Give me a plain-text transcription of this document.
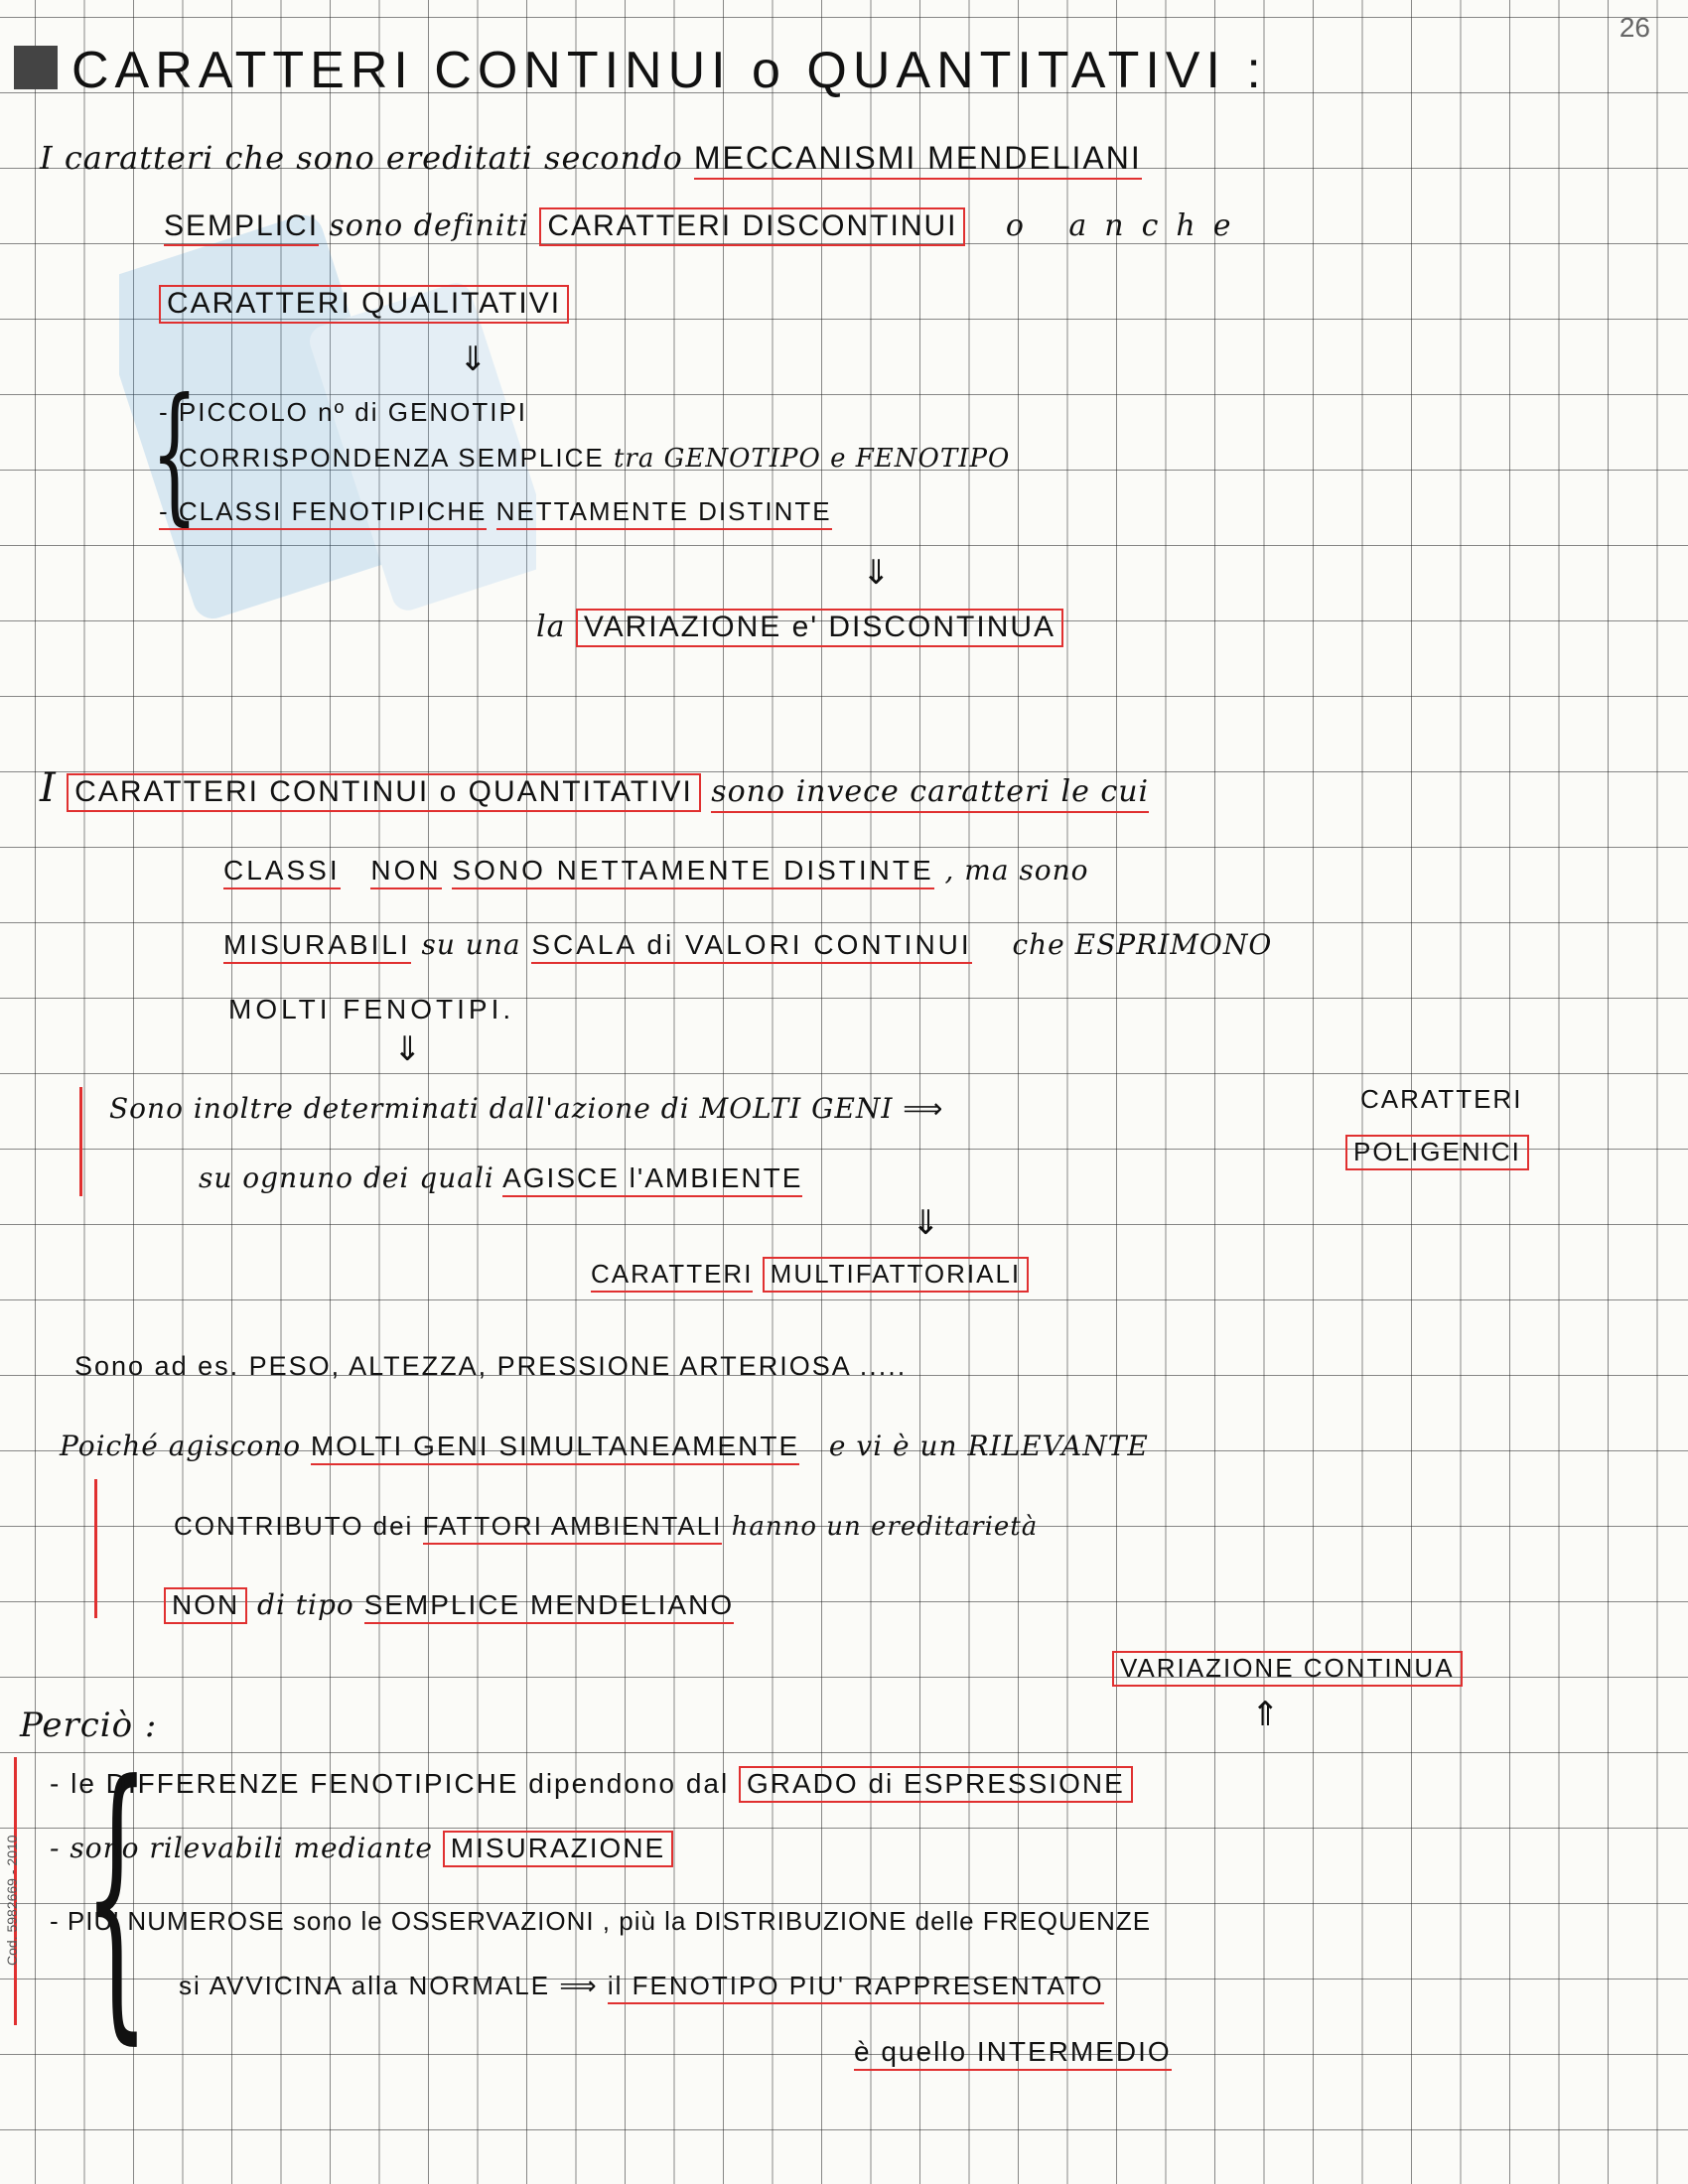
26
CARATTERI CONTINUI o QUANTITATIVI :
I caratteri che sono ereditati secondo MECCANISMI MENDELIANI
SEMPLICI sono definiti CARATTERI DISCONTINUI o anche
CARATTERI QUALITATIVI
⇓
{
- PICCOLO nº di GENOTIPI
- CORRISPONDENZA SEMPLICE tra GENOTIPO e FENOTIPO
- CLASSI FENOTIPICHE NETTAMENTE DISTINTE
⇓
la VARIAZIONE e' DISCONTINUA
I CARATTERI CONTINUI o QUANTITATIVI sono invece caratteri le cui
CLASSI NON SONO NETTAMENTE DISTINTE , ma sono
MISURABILI su una SCALA di VALORI CONTINUI che ESPRIMONO
MOLTI FENOTIPI.
⇓
Sono inoltre determinati dall'azione di MOLTI GENI ⟹	CARATTERI
POLIGENICI
su ognuno dei quali AGISCE l'AMBIENTE
⇓
CARATTERI MULTIFATTORIALI
Sono ad es. PESO, ALTEZZA, PRESSIONE ARTERIOSA .....
Poiché agiscono MOLTI GENI SIMULTANEAMENTE e vi è un RILEVANTE
CONTRIBUTO dei FATTORI AMBIENTALI hanno un ereditarietà
NON di tipo SEMPLICE MENDELIANO
VARIAZIONE CONTINUA
⇑
Perciò :
{
- le DIFFERENZE FENOTIPICHE dipendono dal GRADO di ESPRESSIONE
- sono rilevabili mediante MISURAZIONE
- PIU' NUMEROSE sono le OSSERVAZIONI , più la DISTRIBUZIONE delle FREQUENZE
si AVVICINA alla NORMALE ⟹ il FENOTIPO PIU' RAPPRESENTATO
è quello INTERMEDIO
Cod. 5982669 - 2010
